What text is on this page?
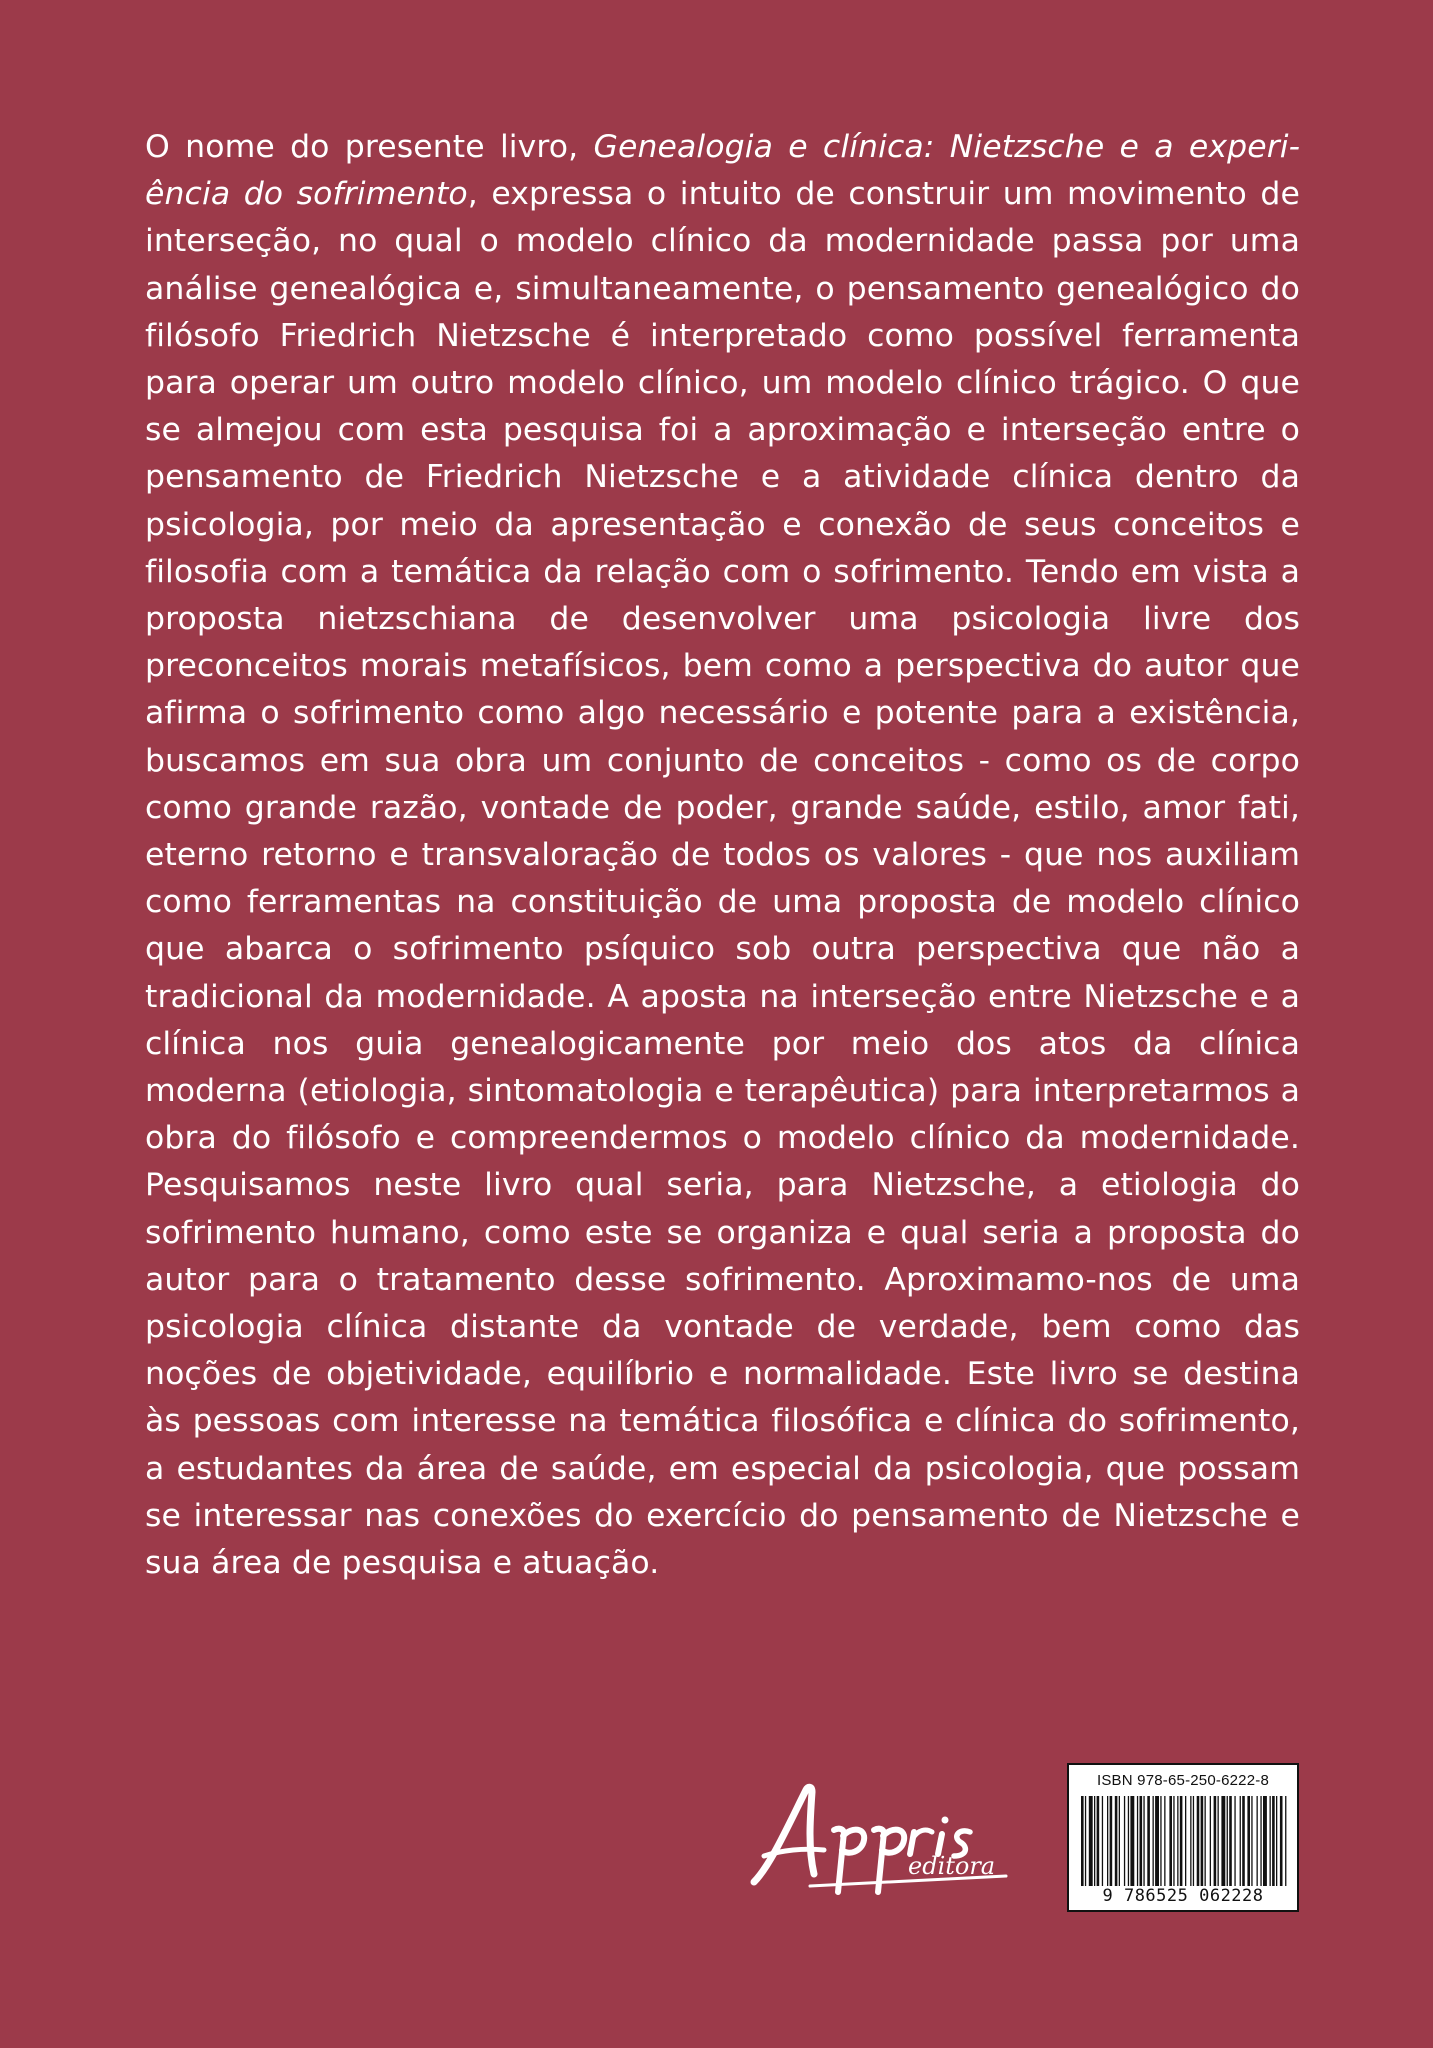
O nome do presente livro, Genealogia e clínica: Nietzsche e a experiência do sofrimento, expressa o intuito de construir um movimento de interseção, no qual o modelo clínico da modernidade passa por uma análise genealógica e, simultaneamente, o pensamento genealógico do filósofo Friedrich Nietzsche é interpretado como possível ferramenta para operar um outro modelo clínico, um modelo clínico trágico. O que se almejou com esta pesquisa foi a aproximação e interseção entre o pensamento de Friedrich Nietzsche e a atividade clínica dentro da psicologia, por meio da apresentação e conexão de seus conceitos e filosofia com a temática da relação com o sofrimento. Tendo em vista a proposta nietzschiana de desenvolver uma psicologia livre dos preconceitos morais metafísicos, bem como a perspectiva do autor que afirma o sofrimento como algo necessário e potente para a existência, buscamos em sua obra um conjunto de conceitos - como os de corpo como grande razão, vontade de poder, grande saúde, estilo, amor fati, eterno retorno e transvaloração de todos os valores - que nos auxiliam como ferramentas na constituição de uma proposta de modelo clínico que abarca o sofrimento psíquico sob outra perspectiva que não a tradicional da modernidade. A aposta na interseção entre Nietzsche e a clínica nos guia genealogicamente por meio dos atos da clínica moderna (etiologia, sintomatologia e terapêutica) para interpretarmos a obra do filósofo e compreendermos o modelo clínico da modernidade. Pesquisamos neste livro qual seria, para Nietzsche, a etiologia do sofrimento humano, como este se organiza e qual seria a proposta do autor para o tratamento desse sofrimento. Aproximamo-nos de uma psicologia clínica distante da vontade de verdade, bem como das noções de objetividade, equilíbrio e normalidade. Este livro se destina às pessoas com interesse na temática filosófica e clínica do sofrimento, a estudantes da área de saúde, em especial da psicologia, que possam se interessar nas conexões do exercício do pensamento de Nietzsche e sua área de pesquisa e atuação.

editora
ISBN 978-65-250-6222-8
9 786525 062228
